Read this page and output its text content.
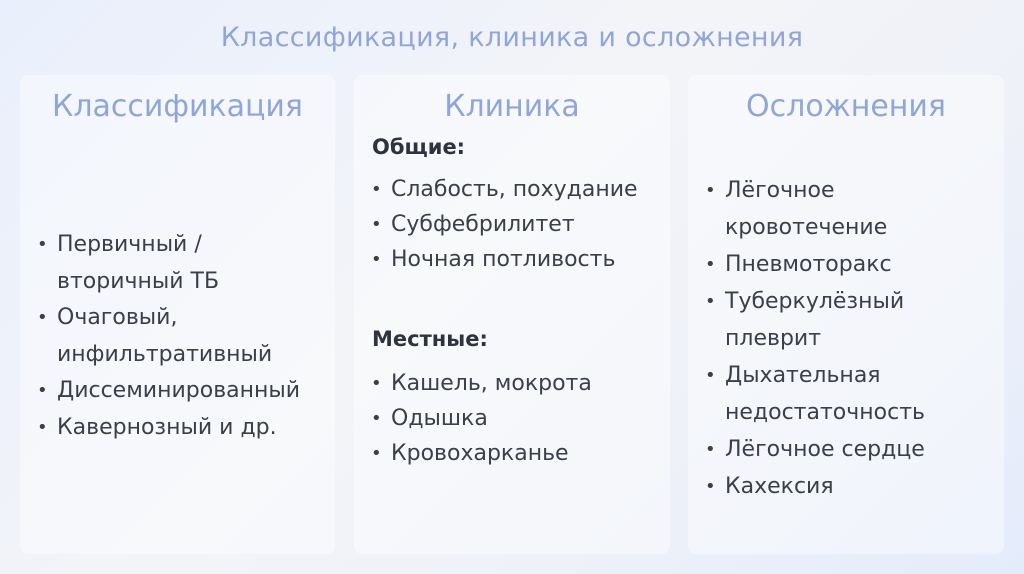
Классификация, клиника и осложнения
Классификация
• Первичный / вторичный ТБ
• Очаговый, инфильтративный
• Диссеминированный
• Кавернозный и др.
Клиника
Общие:
• Слабость, похудание
• Субфебрилитет
• Ночная потливость
Местные:
• Кашель, мокрота
• Одышка
• Кровохарканье
Осложнения
• Лёгочное кровотечение
• Пневмоторакс
• Туберкулёзный плеврит
• Дыхательная недостаточность
• Лёгочное сердце
• Кахексия
